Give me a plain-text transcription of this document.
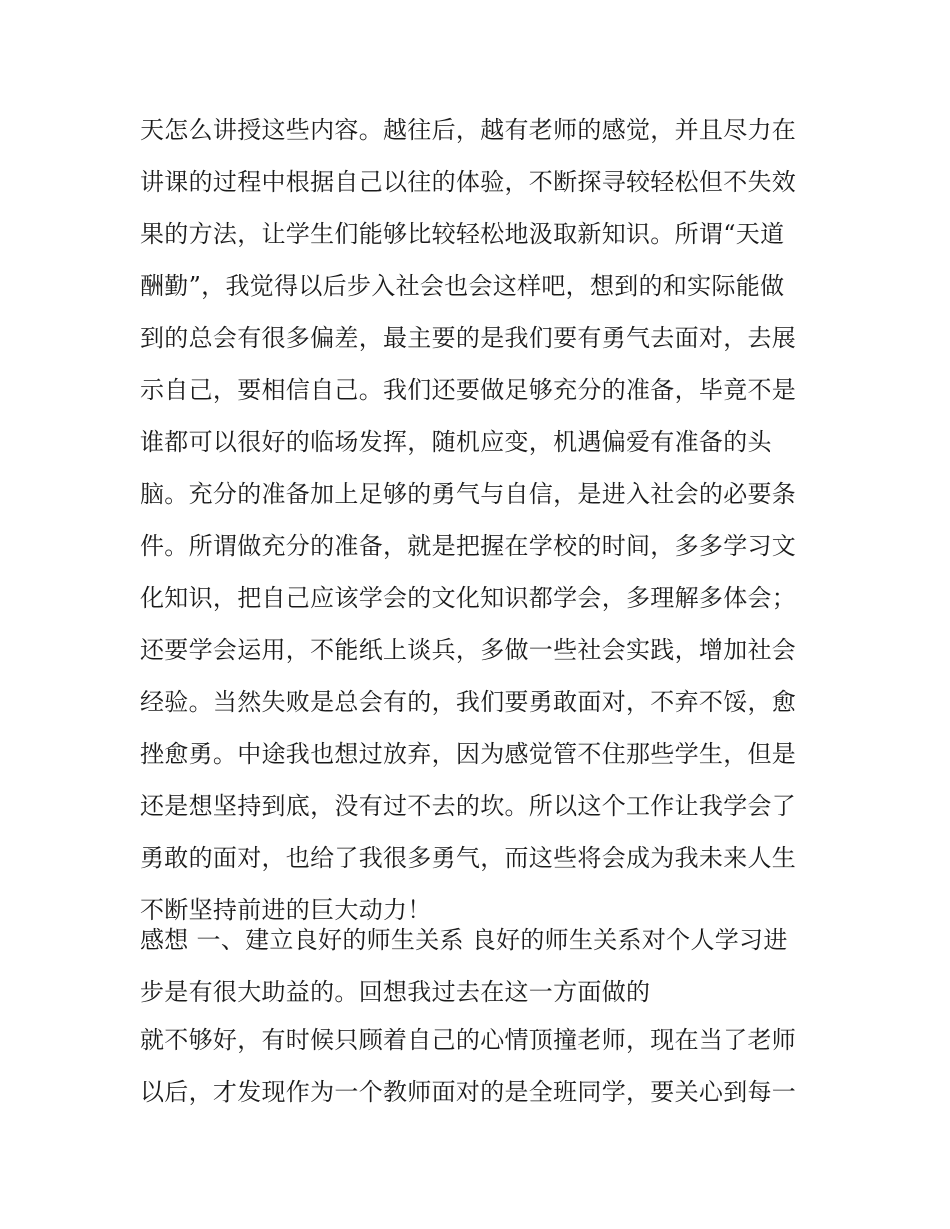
天怎么讲授这些内容。越往后，越有老师的感觉，并且尽力在
讲课的过程中根据自己以往的体验，不断探寻较轻松但不失效
果的方法，让学生们能够比较轻松地汲取新知识。所谓“天道
酬勤”，我觉得以后步入社会也会这样吧，想到的和实际能做
到的总会有很多偏差，最主要的是我们要有勇气去面对，去展
示自己，要相信自己。我们还要做足够充分的准备，毕竟不是
谁都可以很好的临场发挥，随机应变，机遇偏爱有准备的头
脑。充分的准备加上足够的勇气与自信，是进入社会的必要条
件。所谓做充分的准备，就是把握在学校的时间，多多学习文
化知识，把自己应该学会的文化知识都学会，多理解多体会；
还要学会运用，不能纸上谈兵，多做一些社会实践，增加社会
经验。当然失败是总会有的，我们要勇敢面对，不弃不馁，愈
挫愈勇。中途我也想过放弃，因为感觉管不住那些学生，但是
还是想坚持到底，没有过不去的坎。所以这个工作让我学会了
勇敢的面对，也给了我很多勇气，而这些将会成为我未来人生
不断坚持前进的巨大动力！
感想 一、建立良好的师生关系 良好的师生关系对个人学习进
步是有很大助益的。回想我过去在这一方面做的
就不够好，有时候只顾着自己的心情顶撞老师，现在当了老师
以后，才发现作为一个教师面对的是全班同学，要关心到每一
